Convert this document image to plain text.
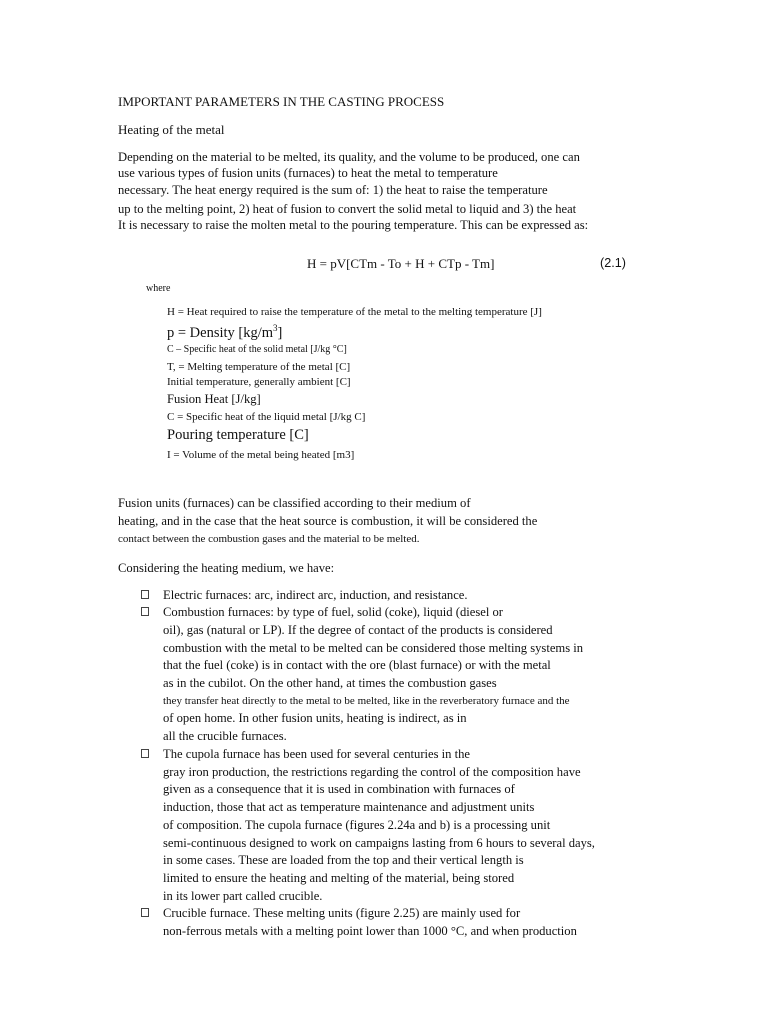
IMPORTANT PARAMETERS IN THE CASTING PROCESS
Heating of the metal
Depending on the material to be melted, its quality, and the volume to be produced, one can
use various types of fusion units (furnaces) to heat the metal to temperature
necessary. The heat energy required is the sum of: 1) the heat to raise the temperature
up to the melting point, 2) heat of fusion to convert the solid metal to liquid and 3) the heat
It is necessary to raise the molten metal to the pouring temperature. This can be expressed as:
H = pV[CTm - To + H + CTp - Tm]	(2.1)
where
H = Heat required to raise the temperature of the metal to the melting temperature [J]
p = Density $[kg/m^3]$
C – Specific heat of the solid metal [J/kg °C]
T, = Melting temperature of the metal [C]
Initial temperature, generally ambient [C]
Fusion Heat [J/kg]
C = Specific heat of the liquid metal [J/kg C]
Pouring temperature [C]
I = Volume of the metal being heated [m3]
Fusion units (furnaces) can be classified according to their medium of
heating, and in the case that the heat source is combustion, it will be considered the
contact between the combustion gases and the material to be melted.
Considering the heating medium, we have:
Electric furnaces: arc, indirect arc, induction, and resistance.
Combustion furnaces: by type of fuel, solid (coke), liquid (diesel or
oil), gas (natural or LP). If the degree of contact of the products is considered
combustion with the metal to be melted can be considered those melting systems in
that the fuel (coke) is in contact with the ore (blast furnace) or with the metal
as in the cubilot. On the other hand, at times the combustion gases
they transfer heat directly to the metal to be melted, like in the reverberatory furnace and the
of open home. In other fusion units, heating is indirect, as in
all the crucible furnaces.
The cupola furnace has been used for several centuries in the
gray iron production, the restrictions regarding the control of the composition have
given as a consequence that it is used in combination with furnaces of
induction, those that act as temperature maintenance and adjustment units
of composition. The cupola furnace (figures 2.24a and b) is a processing unit
semi-continuous designed to work on campaigns lasting from 6 hours to several days,
in some cases. These are loaded from the top and their vertical length is
limited to ensure the heating and melting of the material, being stored
in its lower part called crucible.
Crucible furnace. These melting units (figure 2.25) are mainly used for
non-ferrous metals with a melting point lower than 1000 °C, and when production
